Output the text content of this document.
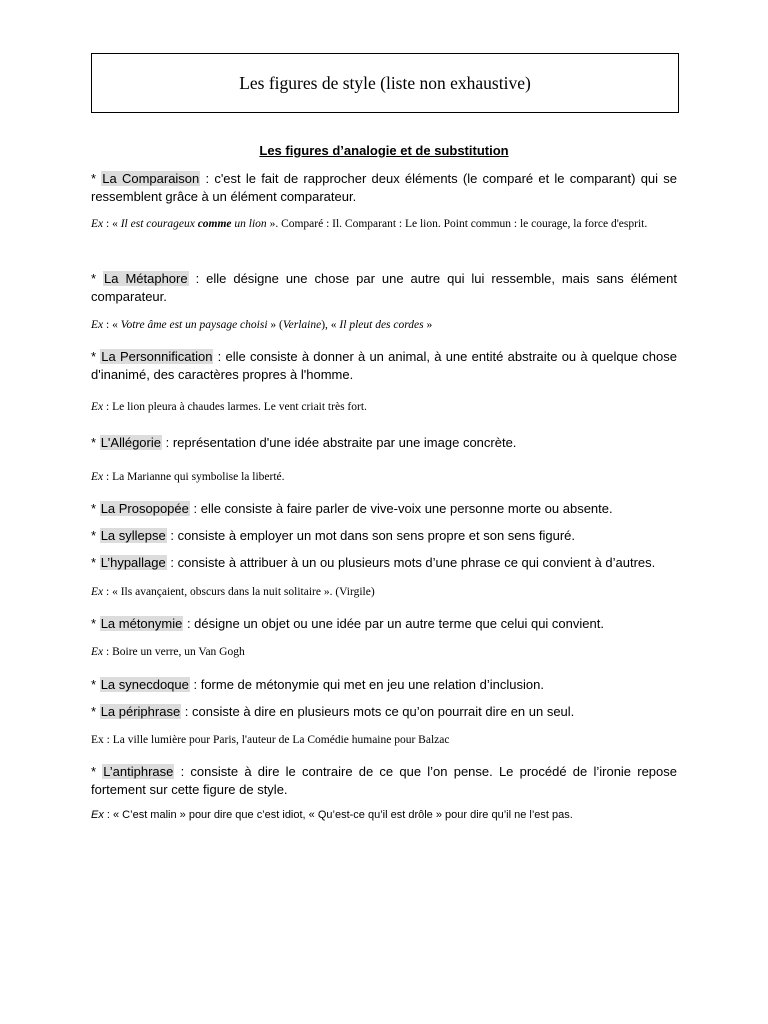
Les figures de style (liste non exhaustive)
Les figures d’analogie et de substitution
* La Comparaison : c'est le fait de rapprocher deux éléments (le comparé et le comparant) qui se ressemblent grâce à un élément comparateur.
Ex : « Il est courageux comme un lion ». Comparé : Il. Comparant : Le lion. Point commun : le courage, la force d'esprit.
* La Métaphore : elle désigne une chose par une autre qui lui ressemble, mais sans élément comparateur.
Ex : « Votre âme est un paysage choisi » (Verlaine), « Il pleut des cordes »
* La Personnification : elle consiste à donner à un animal, à une entité abstraite ou à quelque chose d'inanimé, des caractères propres à l'homme.
Ex : Le lion pleura à chaudes larmes. Le vent criait très fort.
* L'Allégorie : représentation d'une idée abstraite par une image concrète.
Ex : La Marianne qui symbolise la liberté.
* La Prosopopée : elle consiste à faire parler de vive-voix une personne morte ou absente.
* La syllepse : consiste à employer un mot dans son sens propre et son sens figuré.
* L’hypallage : consiste à attribuer à un ou plusieurs mots d’une phrase ce qui convient à d’autres.
Ex : « Ils avançaient, obscurs dans la nuit solitaire ». (Virgile)
* La métonymie : désigne un objet ou une idée par un autre terme que celui qui convient.
Ex : Boire un verre, un Van Gogh
* La synecdoque : forme de métonymie qui met en jeu une relation d’inclusion.
* La périphrase : consiste à dire en plusieurs mots ce qu’on pourrait dire en un seul.
Ex : La ville lumière pour Paris, l'auteur de La Comédie humaine pour Balzac
* L’antiphrase : consiste à dire le contraire de ce que l’on pense. Le procédé de l’ironie repose fortement sur cette figure de style.
Ex : « C’est malin » pour dire que c’est idiot, « Qu’est-ce qu’il est drôle » pour dire qu’il ne l’est pas.
